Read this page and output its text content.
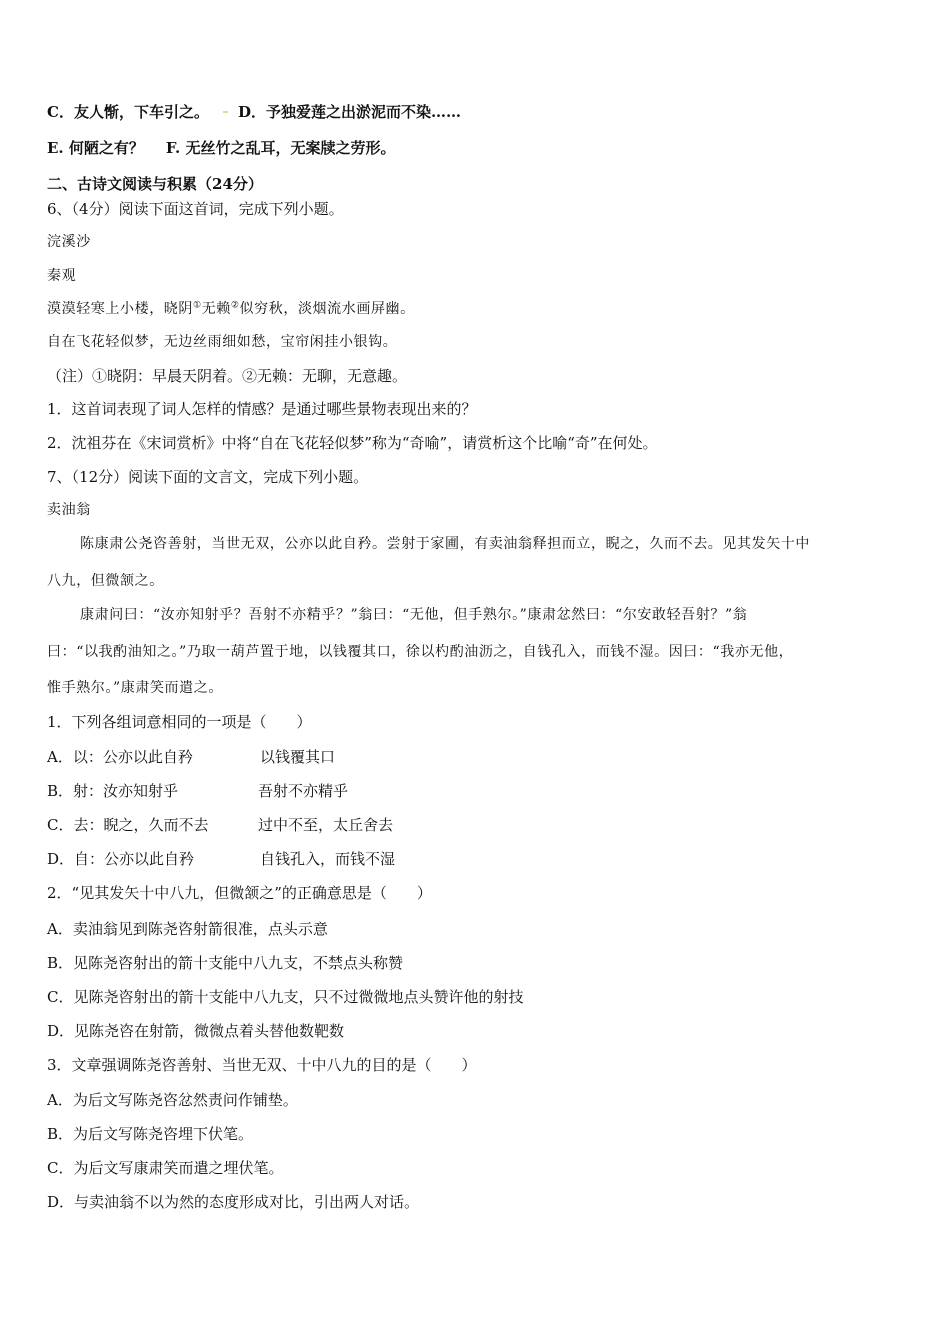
C．友人惭，下车引之。 D．予独爱莲之出淤泥而不染……
E. 何陋之有？ F. 无丝竹之乱耳，无案牍之劳形。
二、古诗文阅读与积累（24分）
6、（4分）阅读下面这首词，完成下列小题。
浣溪沙
秦观
漠漠轻寒上小楼，晓阴①无赖②似穷秋，淡烟流水画屏幽。
自在飞花轻似梦，无边丝雨细如愁，宝帘闲挂小银钩。
（注）①晓阴：早晨天阴着。②无赖：无聊，无意趣。
1．这首词表现了词人怎样的情感？是通过哪些景物表现出来的？
2．沈祖芬在《宋词赏析》中将“自在飞花轻似梦”称为“奇喻”，请赏析这个比喻“奇”在何处。
7、（12分）阅读下面的文言文，完成下列小题。
卖油翁
陈康肃公尧咨善射，当世无双，公亦以此自矜。尝射于家圃，有卖油翁释担而立，睨之，久而不去。见其发矢十中
八九，但微颔之。
康肃问曰：“汝亦知射乎？吾射不亦精乎？”翁曰：“无他，但手熟尔。”康肃忿然曰：“尔安敢轻吾射？”翁
曰：“以我酌油知之。”乃取一葫芦置于地，以钱覆其口，徐以杓酌油沥之，自钱孔入，而钱不湿。因曰：“我亦无他，
惟手熟尔。”康肃笑而遣之。
1．下列各组词意相同的一项是（　　）
A．以：公亦以此自矜	以钱覆其口
B．射：汝亦知射乎	吾射不亦精乎
C．去：睨之，久而不去	过中不至，太丘舍去
D．自：公亦以此自矜	自钱孔入，而钱不湿
2．“见其发矢十中八九，但微颔之”的正确意思是（　　）
A．卖油翁见到陈尧咨射箭很准，点头示意
B．见陈尧咨射出的箭十支能中八九支，不禁点头称赞
C．见陈尧咨射出的箭十支能中八九支，只不过微微地点头赞许他的射技
D．见陈尧咨在射箭，微微点着头替他数靶数
3．文章强调陈尧咨善射、当世无双、十中八九的目的是（　　）
A．为后文写陈尧咨忿然责问作铺垫。
B．为后文写陈尧咨埋下伏笔。
C．为后文写康肃笑而遣之埋伏笔。
D．与卖油翁不以为然的态度形成对比，引出两人对话。
